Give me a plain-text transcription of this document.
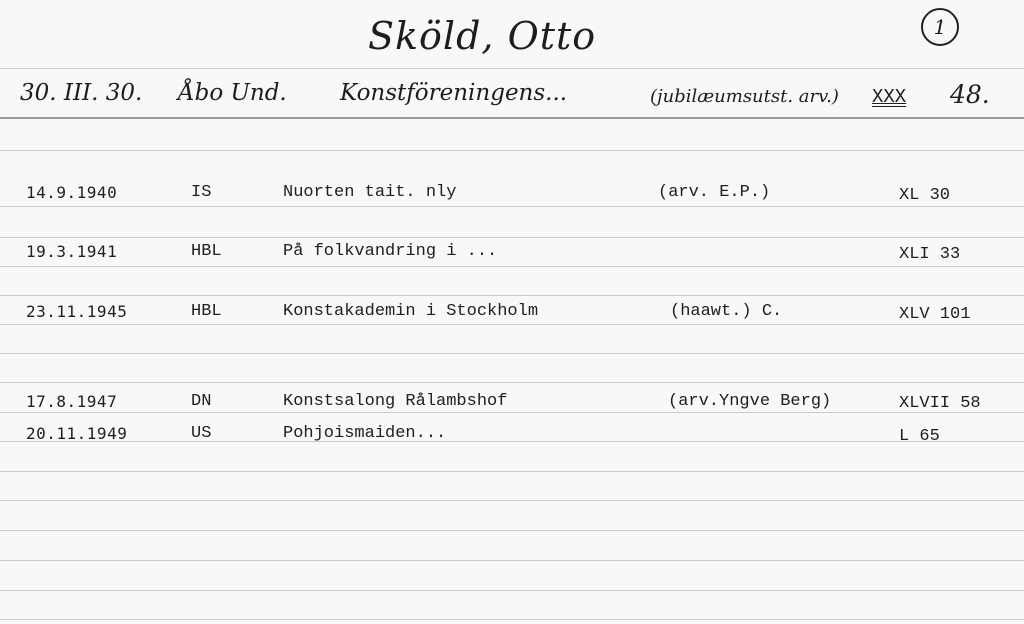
Sköld, Otto	1
30. III. 30. Åbo Und. Konstföreningens...	(jubilæumsutst. arv.) XXX 48.
14.9.1940	IS	Nuorten tait. nly	(arv. E.P.)	XL 30
19.3.1941	HBL	På folkvandring i ...	XLI 33
23.11.1945	HBL	Konstakademin i Stockholm	(haawt.) C.	XLV 101
17.8.1947	DN	Konstsalong Rålambshof	(arv.Yngve Berg)	XLVII 58
20.11.1949	US	Pohjoismaiden...	L 65
